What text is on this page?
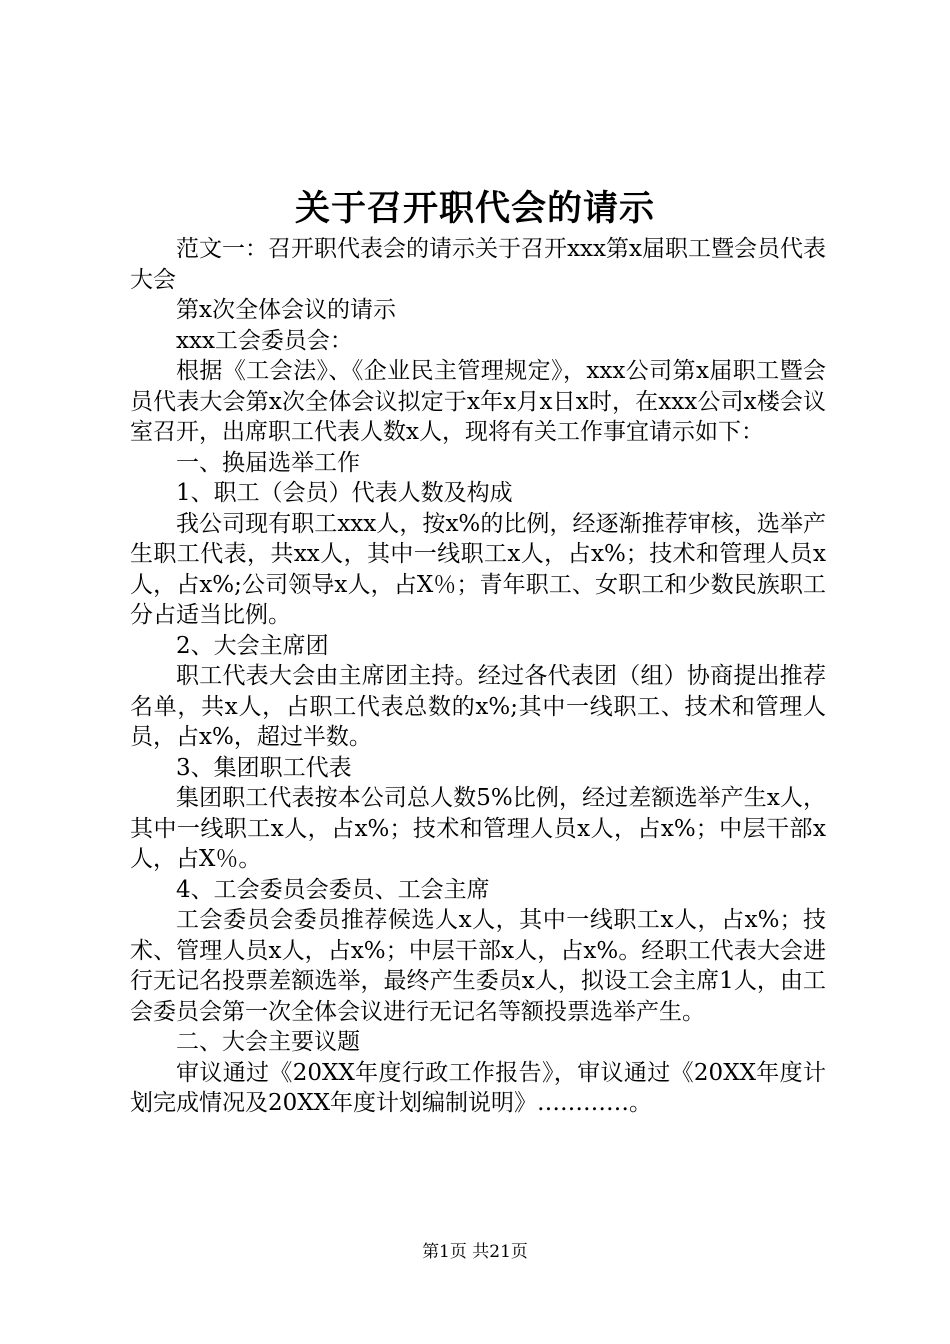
关于召开职代会的请示

范文一：召开职代表会的请示关于召开xxx第x届职工暨会员代表大会

第x次全体会议的请示

xxx工会委员会：

根据《工会法》、《企业民主管理规定》，xxx公司第x届职工暨会员代表大会第x次全体会议拟定于x年x月x日x时，在xxx公司x楼会议室召开，出席职工代表人数x人，现将有关工作事宜请示如下：

一、换届选举工作

1、职工（会员）代表人数及构成

我公司现有职工xxx人，按x%的比例，经逐渐推荐审核，选举产生职工代表，共xx人，其中一线职工x人，占x%；技术和管理人员x人，占x%;公司领导x人，占X％；青年职工、女职工和少数民族职工分占适当比例。

2、大会主席团

职工代表大会由主席团主持。经过各代表团（组）协商提出推荐名单，共x人，占职工代表总数的x%;其中一线职工、技术和管理人员，占x%，超过半数。

3、集团职工代表

集团职工代表按本公司总人数5%比例，经过差额选举产生x人，其中一线职工x人，占x%；技术和管理人员x人，占x%；中层干部x人，占X％。

4、工会委员会委员、工会主席

工会委员会委员推荐候选人x人，其中一线职工x人，占x%；技术、管理人员x人，占x%；中层干部x人，占x%。经职工代表大会进行无记名投票差额选举，最终产生委员x人，拟设工会主席1人，由工会委员会第一次全体会议进行无记名等额投票选举产生。

二、大会主要议题

审议通过《20XX年度行政工作报告》，审议通过《20XX年度计划完成情况及20XX年度计划编制说明》…………。

第1页 共21页
